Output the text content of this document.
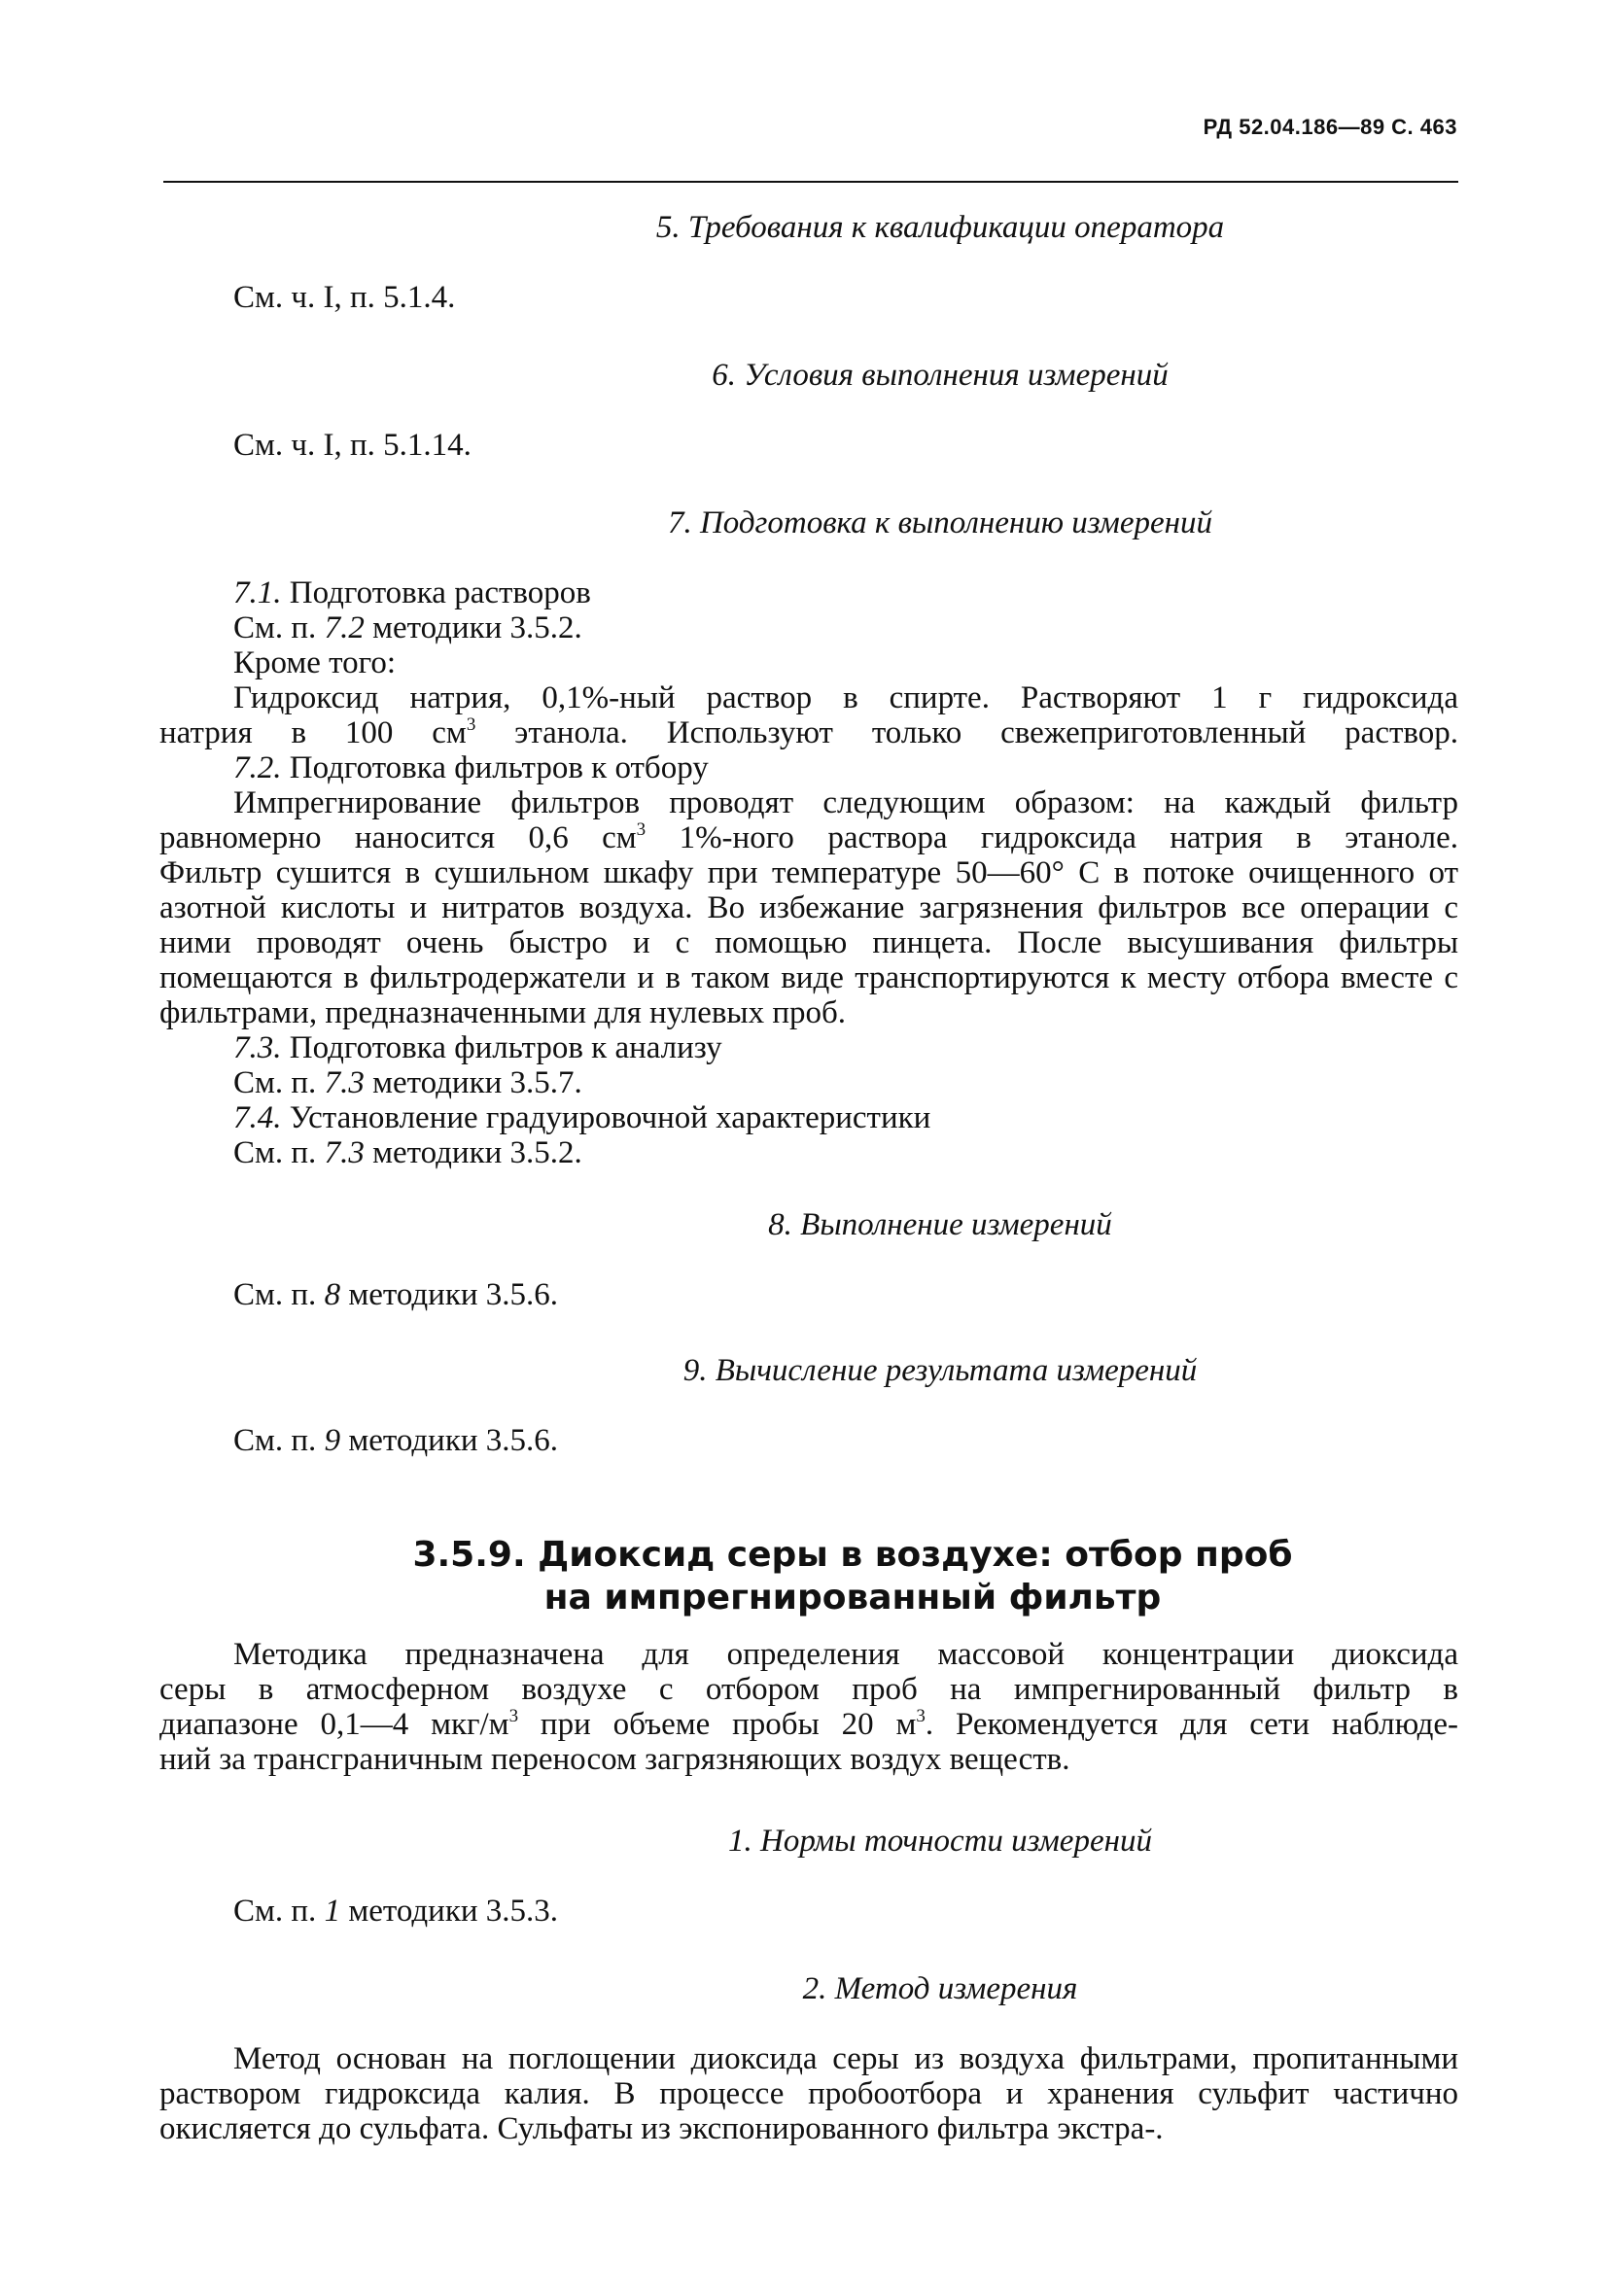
РД 52.04.186—89 С. 463

5. Требования к квалификации оператора

См. ч. I, п. 5.1.4.

6. Условия выполнения измерений

См. ч. I, п. 5.1.14.

7. Подготовка к выполнению измерений

7.1. Подготовка растворов

См. п. 7.2 методики 3.5.2.

Кроме того:

Гидроксид натрия, 0,1%-ный раствор в спирте. Растворяют 1 г гидроксида

натрия в 100 $см^3$ этанола. Используют только свежеприготовленный раствор.

7.2. Подготовка фильтров к отбору

Импрегнирование фильтров проводят следующим образом: на каждый фильтр

равномерно наносится 0,6 $см^3$ 1%-ного раствора гидроксида натрия в этаноле.

Фильтр сушится в сушильном шкафу при температуре 50—60° С в потоке очищенного от азотной кислоты и нитратов воздуха. Во избежание загрязнения фильтров все операции с ними проводят очень быстро и с помощью пинцета. После высушивания фильтры помещаются в фильтродержатели и в таком виде транспортируются к месту отбора вместе с фильтрами, предназначенными для нулевых проб.

7.3. Подготовка фильтров к анализу

См. п. 7.3 методики 3.5.7.

7.4. Установление градуировочной характеристики

См. п. 7.3 методики 3.5.2.

8. Выполнение измерений

См. п. 8 методики 3.5.6.

9. Вычисление результата измерений

См. п. 9 методики 3.5.6.

3.5.9. Диоксид серы в воздухе: отбор проб

на импрегнированный фильтр

Методика предназначена для определения массовой концентрации диоксида

серы в атмосферном воздухе с отбором проб на импрегнированный фильтр в

диапазоне 0,1—4 мкг/$м^3$ при объеме пробы 20 $м^3$. Рекомендуется для сети наблюде-

ний за трансграничным переносом загрязняющих воздух веществ.

1. Нормы точности измерений

См. п. 1 методики 3.5.3.

2. Метод измерения

Метод основан на поглощении диоксида серы из воздуха фильтрами, пропитанными раствором гидроксида калия. В процессе пробоотбора и хранения сульфит частично окисляется до сульфата. Сульфаты из экспонированного фильтра экстра-.
